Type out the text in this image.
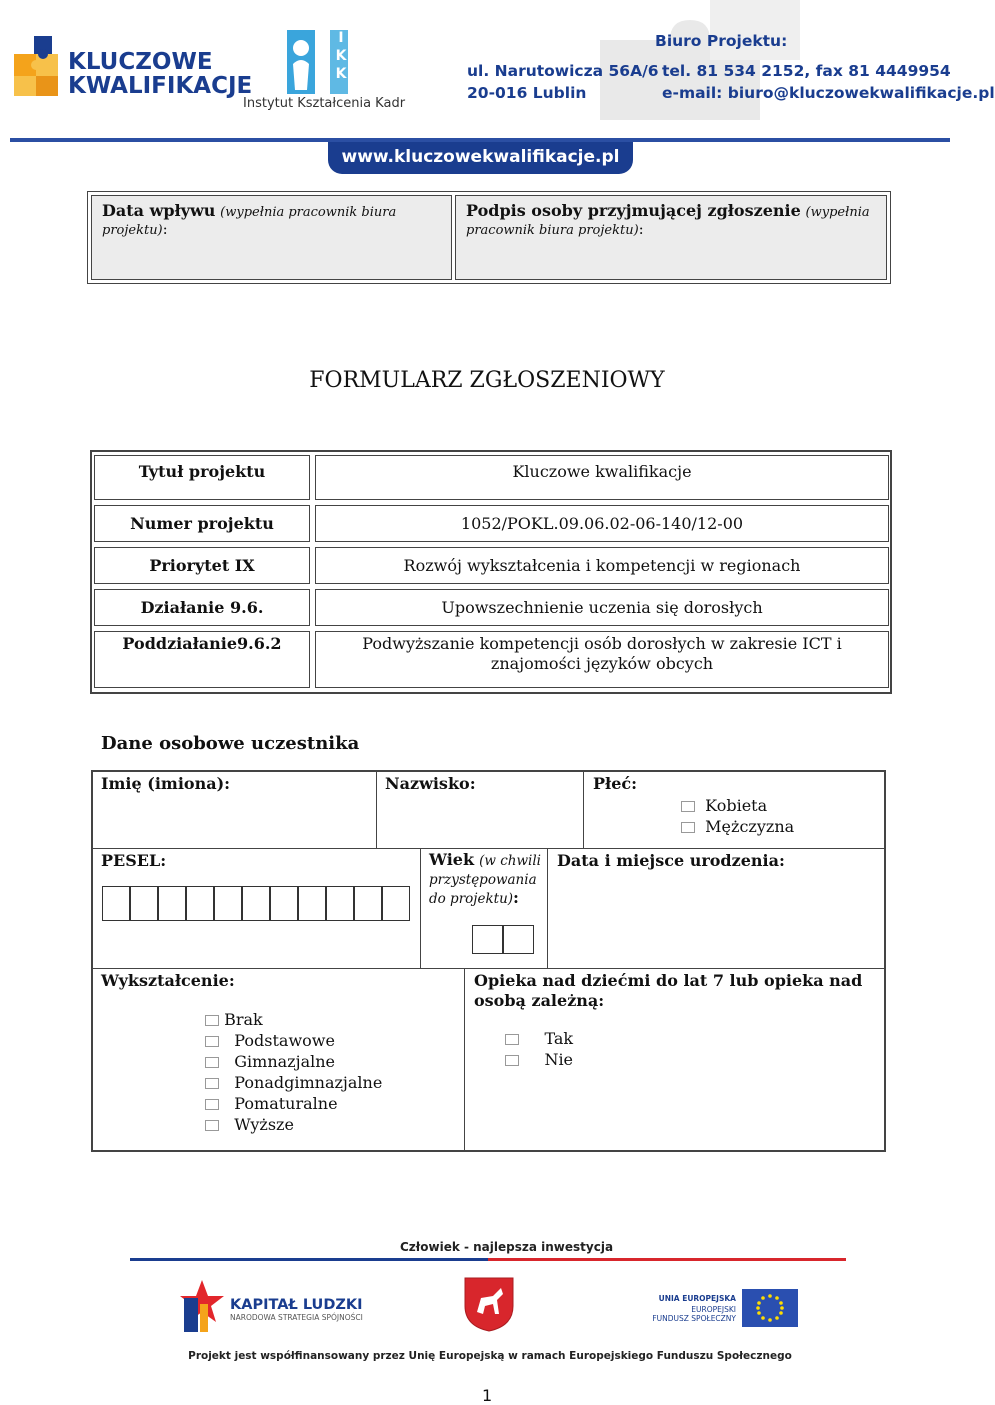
KLUCZOWE
KWALIFIKACJE
IKK
Instytut Kształcenia Kadr
Biuro Projektu:
ul. Narutowicza 56A/6
20-016 Lublin
tel. 81 534 2152, fax 81 4449954
e-mail: biuro@kluczowekwalifikacje.pl
www.kluczowekwalifikacje.pl
Data wpływu (wypełnia pracownik biura projektu):
Podpis osoby przyjmującej zgłoszenie (wypełnia pracownik biura projektu):
FORMULARZ ZGŁOSZENIOWY
Tytuł projektu	Kluczowe kwalifikacje
Numer projektu	1052/POKL.09.06.02-06-140/12-00
Priorytet IX	Rozwój wykształcenia i kompetencji w regionach
Działanie 9.6.	Upowszechnienie uczenia się dorosłych
Poddziałanie9.6.2	Podwyższanie kompetencji osób dorosłych w zakresie ICT i znajomości języków obcych
Dane osobowe uczestnika
Imię (imiona):	Nazwisko:	Płeć:
Kobieta
Mężczyzna
PESEL:	Wiek (w chwili przystępowania do projektu):
Data i miejsce urodzenia:
Wykształcenie:
Brak
Podstawowe
Gimnazjalne
Ponadgimnazjalne
Pomaturalne
Wyższe
Opieka nad dziećmi do lat 7 lub opieka nad osobą zależną:
Tak
Nie
Człowiek - najlepsza inwestycja
KAPITAŁ LUDZKI
NARODOWA STRATEGIA SPÓJNOŚCI
UNIA EUROPEJSKA
EUROPEJSKI
FUNDUSZ SPOŁECZNY
Projekt jest współfinansowany przez Unię Europejską w ramach Europejskiego Funduszu Społecznego
1
